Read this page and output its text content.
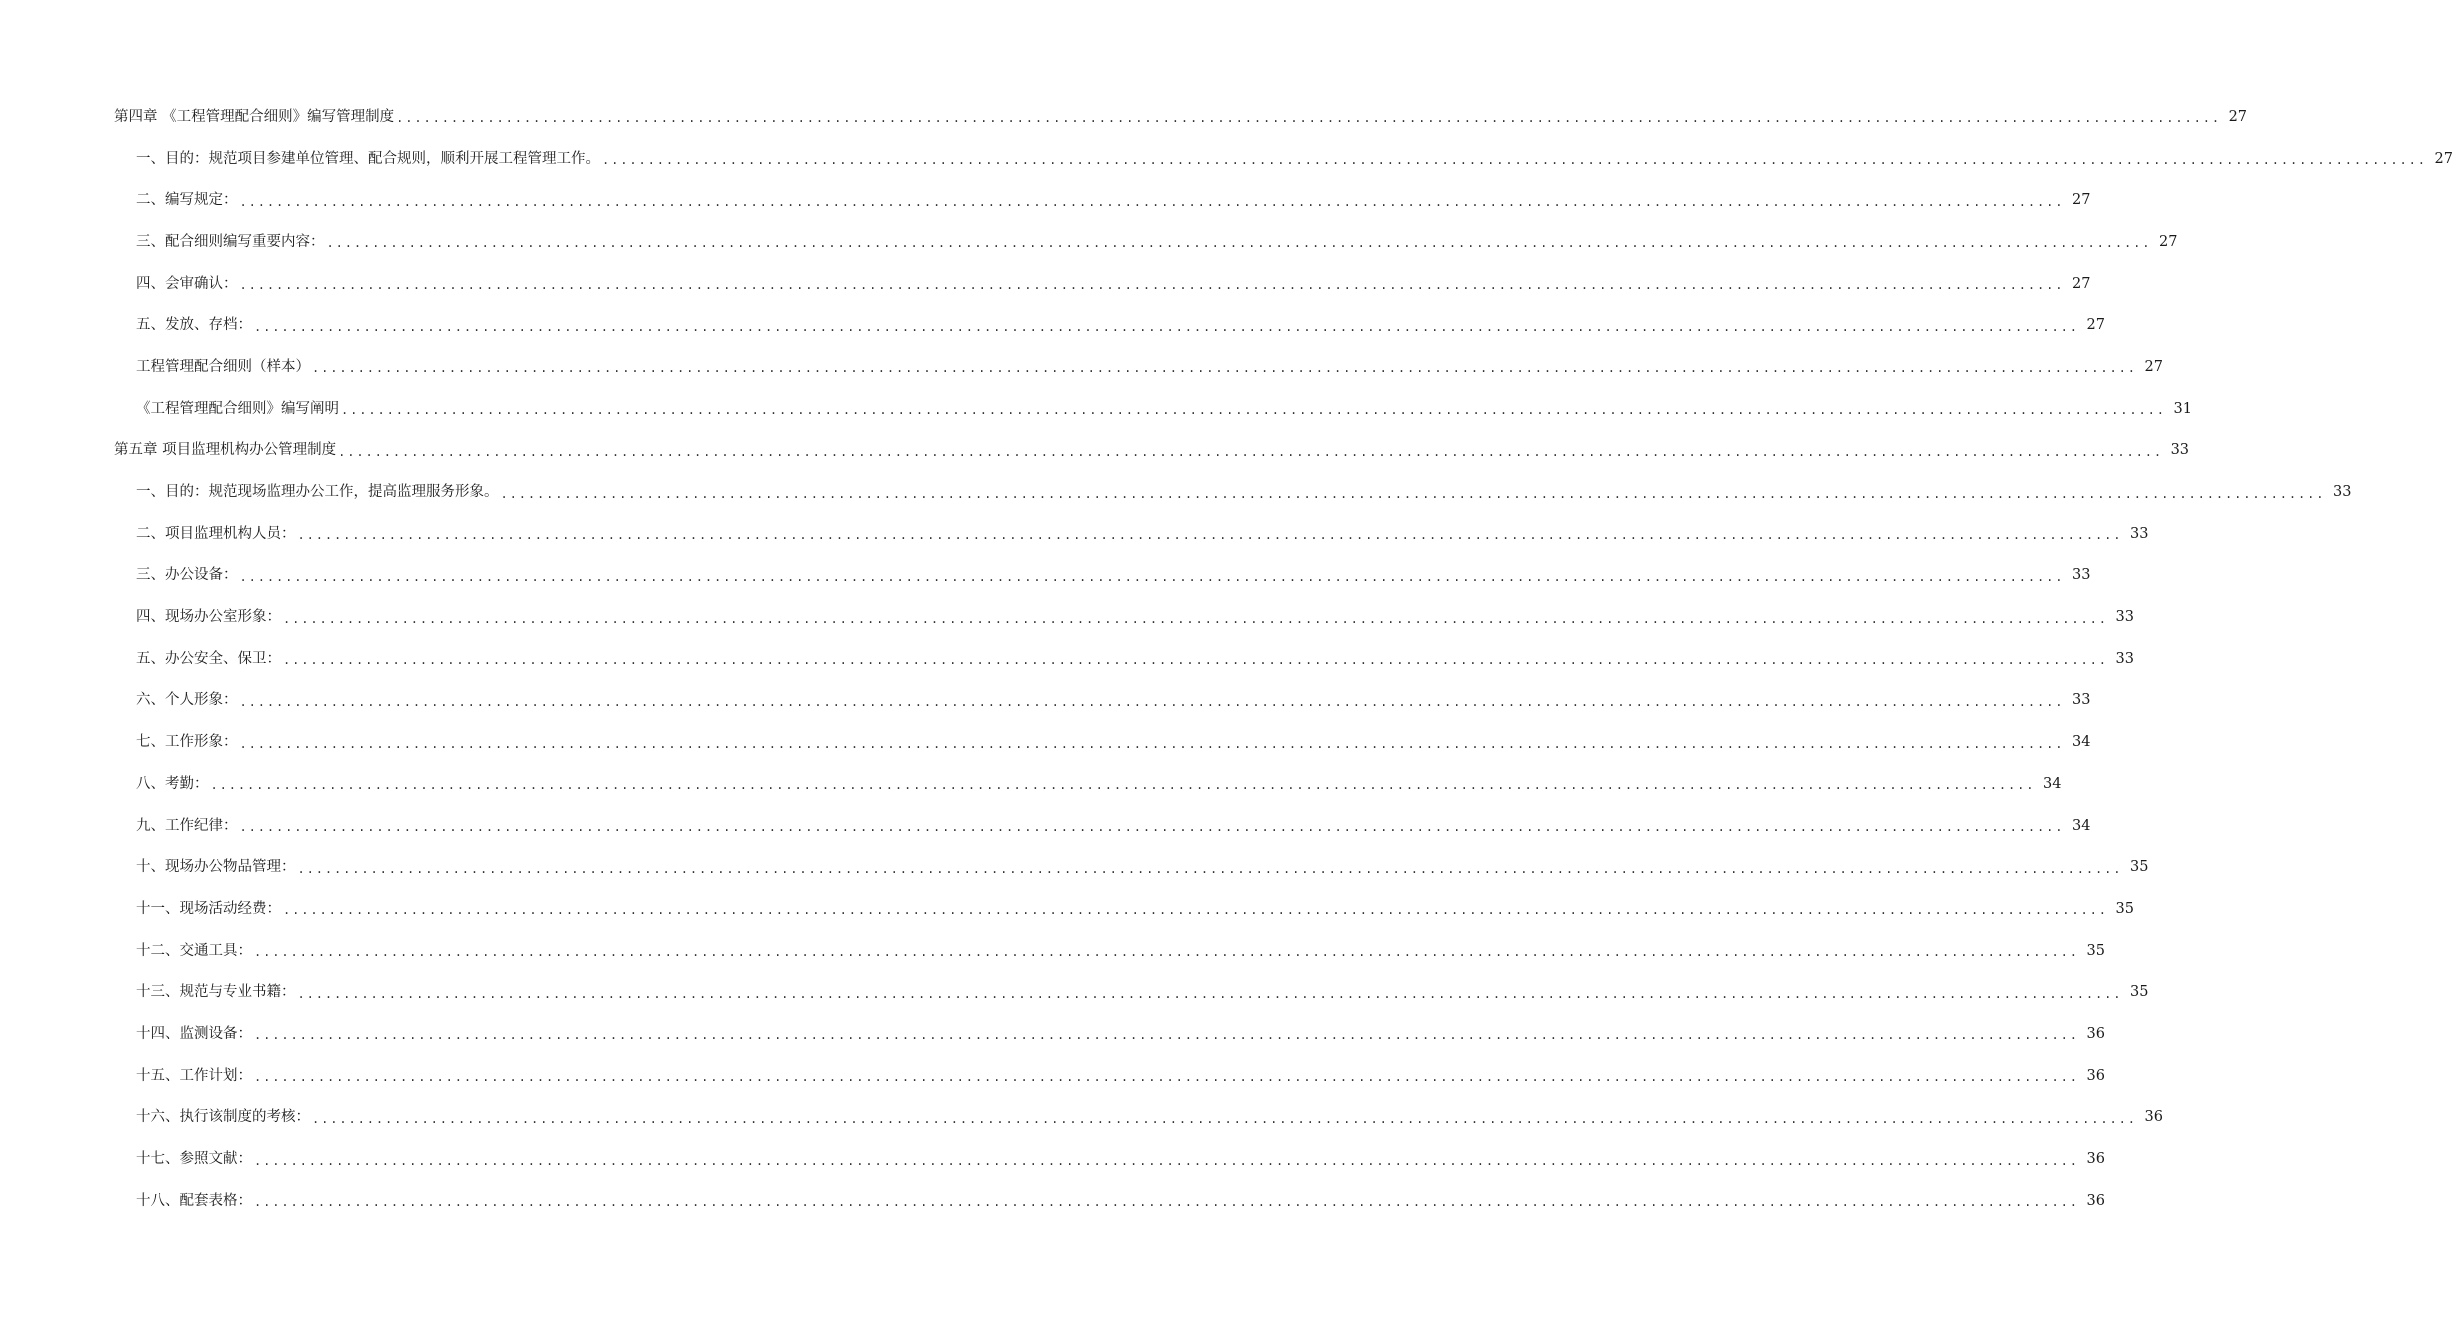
第四章 《工程管理配合细则》编写管理制度 ........................................................................................................................................................................................................ 27
一、目的：规范项目参建单位管理、配合规则，顺利开展工程管理工作。 ........................................................................................................................................................................................................ 27
二、编写规定： ........................................................................................................................................................................................................ 27
三、配合细则编写重要内容： ........................................................................................................................................................................................................ 27
四、会审确认： ........................................................................................................................................................................................................ 27
五、发放、存档： ........................................................................................................................................................................................................ 27
工程管理配合细则（样本） ........................................................................................................................................................................................................ 27
《工程管理配合细则》编写阐明 ........................................................................................................................................................................................................ 31
第五章 项目监理机构办公管理制度 ........................................................................................................................................................................................................ 33
一、目的：规范现场监理办公工作，提高监理服务形象。 ........................................................................................................................................................................................................ 33
二、项目监理机构人员： ........................................................................................................................................................................................................ 33
三、办公设备： ........................................................................................................................................................................................................ 33
四、现场办公室形象： ........................................................................................................................................................................................................ 33
五、办公安全、保卫： ........................................................................................................................................................................................................ 33
六、个人形象： ........................................................................................................................................................................................................ 33
七、工作形象： ........................................................................................................................................................................................................ 34
八、考勤： ........................................................................................................................................................................................................ 34
九、工作纪律： ........................................................................................................................................................................................................ 34
十、现场办公物品管理： ........................................................................................................................................................................................................ 35
十一、现场活动经费： ........................................................................................................................................................................................................ 35
十二、交通工具： ........................................................................................................................................................................................................ 35
十三、规范与专业书籍： ........................................................................................................................................................................................................ 35
十四、监测设备： ........................................................................................................................................................................................................ 36
十五、工作计划： ........................................................................................................................................................................................................ 36
十六、执行该制度的考核： ........................................................................................................................................................................................................ 36
十七、参照文献： ........................................................................................................................................................................................................ 36
十八、配套表格： ........................................................................................................................................................................................................ 36
